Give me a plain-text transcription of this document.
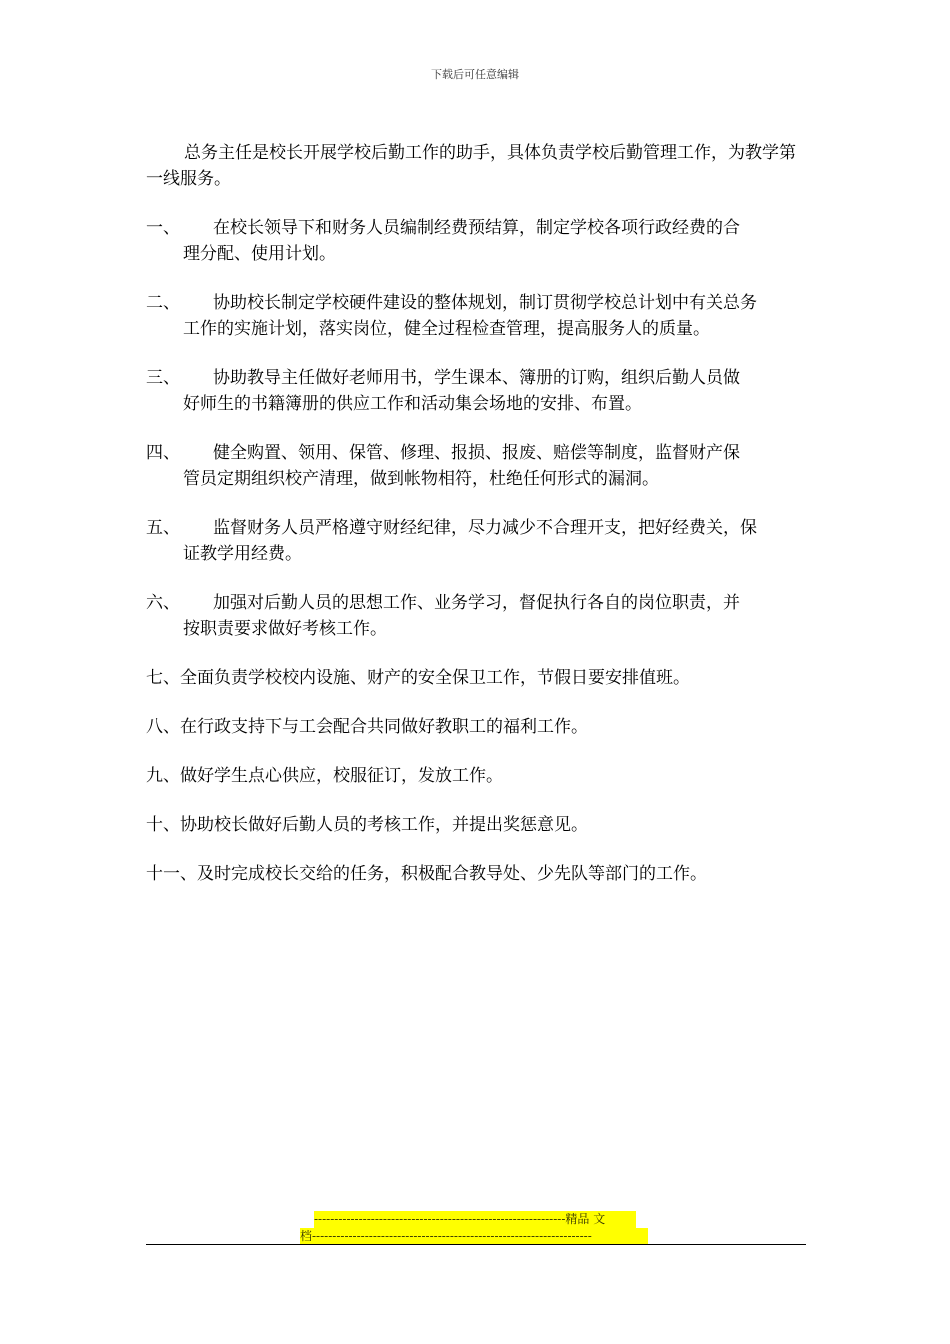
下载后可任意编辑

总务主任是校长开展学校后勤工作的助手，具体负责学校后勤管理工作，为教学第一线服务。

一、	在校长领导下和财务人员编制经费预结算，制定学校各项行政经费的合
理分配、使用计划。
二、	协助校长制定学校硬件建设的整体规划，制订贯彻学校总计划中有关总务
工作的实施计划，落实岗位，健全过程检查管理，提高服务人的质量。
三、	协助教导主任做好老师用书，学生课本、簿册的订购，组织后勤人员做
好师生的书籍簿册的供应工作和活动集会场地的安排、布置。
四、	健全购置、领用、保管、修理、报损、报废、赔偿等制度，监督财产保
管员定期组织校产清理，做到帐物相符，杜绝任何形式的漏洞。
五、	监督财务人员严格遵守财经纪律，尽力减少不合理开支，把好经费关，保
证教学用经费。
六、	加强对后勤人员的思想工作、业务学习，督促执行各自的岗位职责，并
按职责要求做好考核工作。
七、全面负责学校校内设施、财产的安全保卫工作，节假日要安排值班。
八、在行政支持下与工会配合共同做好教职工的福利工作。
九、做好学生点心供应，校服征订，发放工作。
十、协助校长做好后勤人员的考核工作，并提出奖惩意见。
十一、及时完成校长交给的任务，积极配合教导处、少先队等部门的工作。
--------------------------------------------------------------精品 文
档---------------------------------------------------------------------
